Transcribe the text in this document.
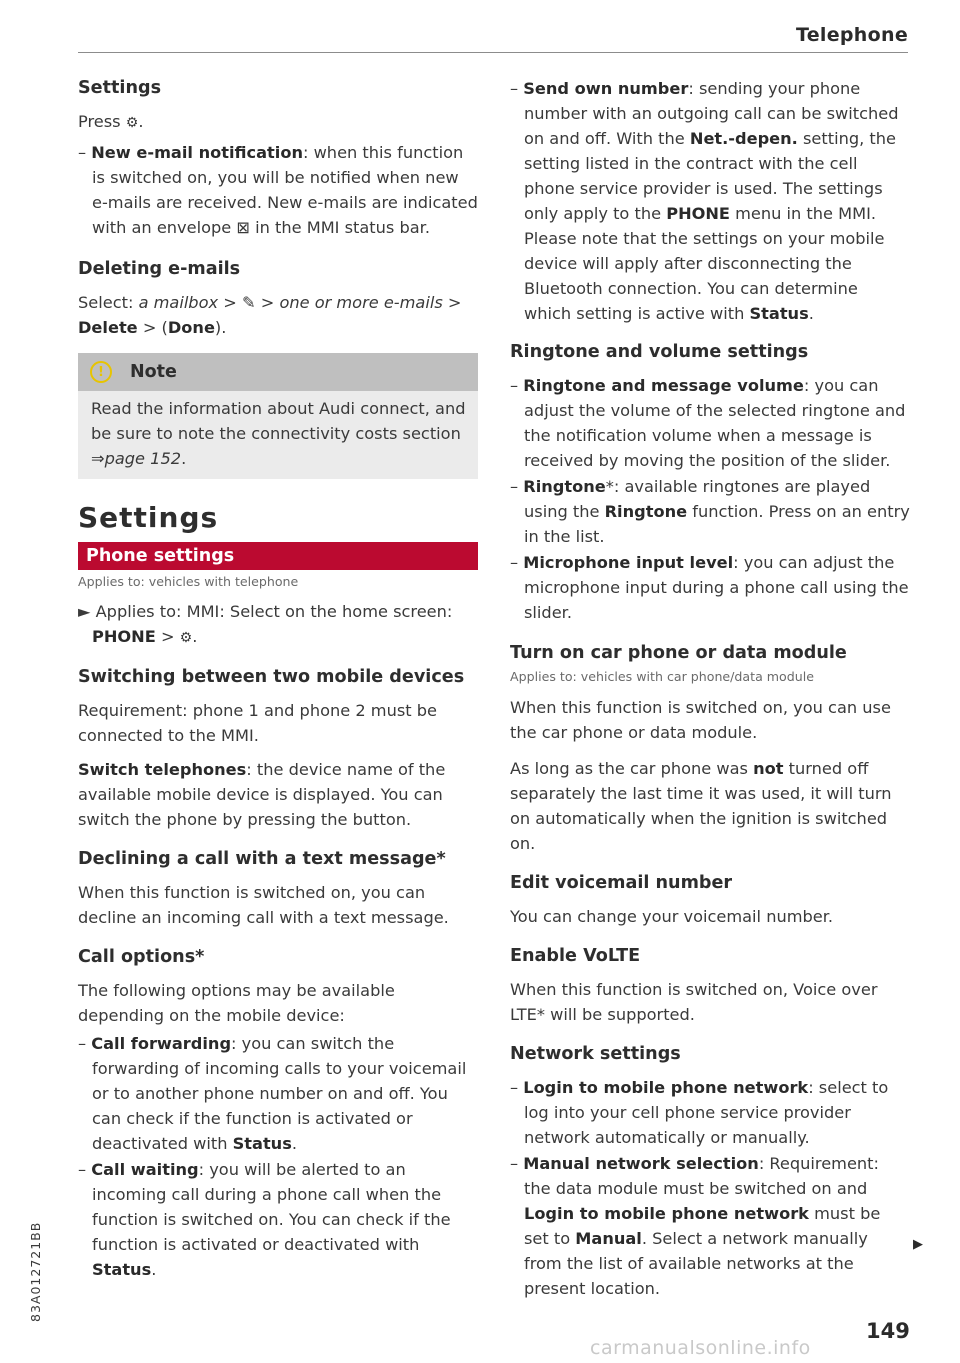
Telephone
83A012721BB
Settings

Press ⚙.

– New e-mail notification: when this function is switched on, you will be notified when new e-mails are received. New e-mails are indicated with an envelope ⊠ in the MMI status bar.

Deleting e-mails

Select: a mailbox > ✎ > one or more e-mails > Delete > (Done).

!	Note

Read the information about Audi connect, and be sure to note the connectivity costs section ⇒page 152.

Settings
Phone settings

Applies to: vehicles with telephone

► Applies to: MMI: Select on the home screen: PHONE > ⚙.

Switching between two mobile devices

Requirement: phone 1 and phone 2 must be connected to the MMI.

Switch telephones: the device name of the available mobile device is displayed. You can switch the phone by pressing the button.

Declining a call with a text message*

When this function is switched on, you can decline an incoming call with a text message.

Call options*

The following options may be available depending on the mobile device:

– Call forwarding: you can switch the forwarding of incoming calls to your voicemail or to another phone number on and off. You can check if the function is activated or deactivated with Status.

– Call waiting: you will be alerted to an incoming call during a phone call when the function is switched on. You can check if the function is activated or deactivated with Status.

– Send own number: sending your phone number with an outgoing call can be switched on and off. With the Net.-depen. setting, the setting listed in the contract with the cell phone service provider is used. The settings only apply to the PHONE menu in the MMI. Please note that the settings on your mobile device will apply after disconnecting the Bluetooth connection. You can determine which setting is active with Status.

Ringtone and volume settings

– Ringtone and message volume: you can adjust the volume of the selected ringtone and the notification volume when a message is received by moving the position of the slider.

– Ringtone*: available ringtones are played using the Ringtone function. Press on an entry in the list.

– Microphone input level: you can adjust the microphone input during a phone call using the slider.

Turn on car phone or data module

Applies to: vehicles with car phone/data module

When this function is switched on, you can use the car phone or data module.

As long as the car phone was not turned off separately the last time it was used, it will turn on automatically when the ignition is switched on.

Edit voicemail number

You can change your voicemail number.

Enable VoLTE

When this function is switched on, Voice over LTE* will be supported.

Network settings

– Login to mobile phone network: select to log into your cell phone service provider network automatically or manually.

– Manual network selection: Requirement: the data module must be switched on and Login to mobile phone network must be set to Manual. Select a network manually from the list of available networks at the present location.

▶
149
carmanualsonline.info
